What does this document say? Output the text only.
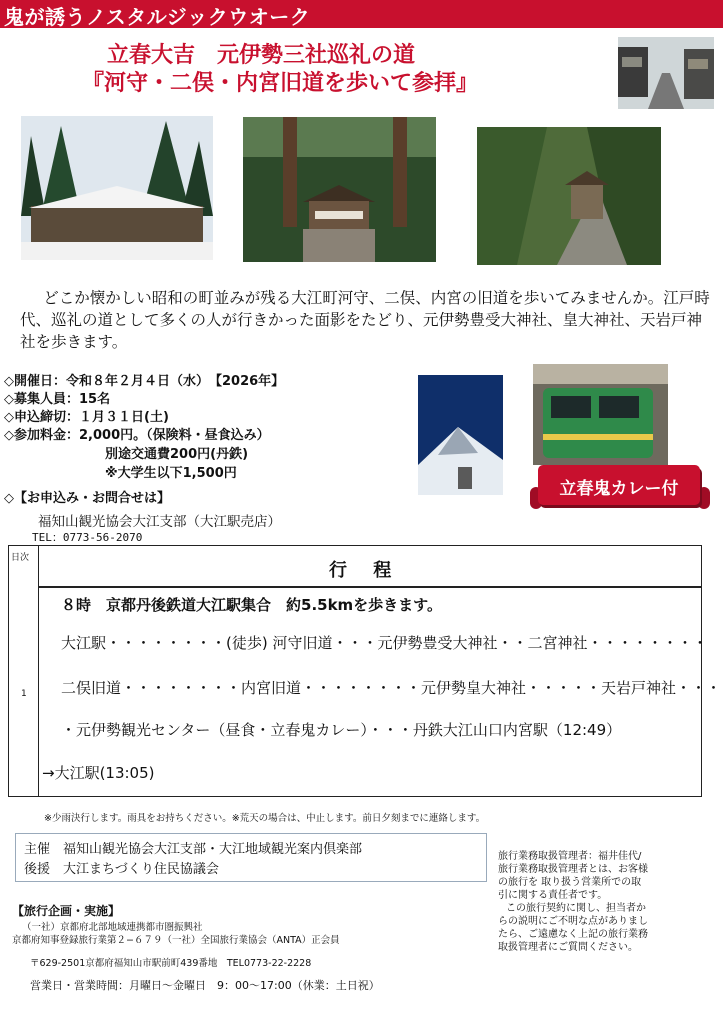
鬼が誘うノスタルジックウオーク
立春大吉　元伊勢三社巡礼の道
『河守・二俣・内宮旧道を歩いて参拝』
どこか懐かしい昭和の町並みが残る大江町河守、二俣、内宮の旧道を歩いてみませんか。江戸時代、巡礼の道として多くの人が行きかった面影をたどり、元伊勢豊受大神社、皇大神社、天岩戸神社を歩きます。
◇開催日：令和８年２月４日（水）　【2026年】
◇募集人員：15名
◇申込締切：１月３１日(土)
◇参加料金：2,000円。（保険料・昼食込み）
別途交通費200円(丹鉄)
※大学生以下1,500円
◇【お申込み・お問合せは】
福知山観光協会大江支部（大江駅売店）
TEL：0773-56-2070
立春鬼カレー付
日次
行 程
1
８時　京都丹後鉄道大江駅集合　約5.5kmを歩きます。
大江駅・・・・・・・・(徒歩) 河守旧道・・・元伊勢豊受大神社・・二宮神社・・・・・・・・
二俣旧道・・・・・・・・内宮旧道・・・・・・・・元伊勢皇大神社・・・・・天岩戸神社・・・
・元伊勢観光センター（昼食・立春鬼カレー）・・・丹鉄大江山口内宮駅（12:49）
→大江駅(13:05)
※少雨決行します。雨具をお持ちください。※荒天の場合は、中止します。前日夕刻までに連絡します。
主催　福知山観光協会大江支部・大江地域観光案内倶楽部
後援　大江まちづくり住民協議会

旅行業務取扱管理者：福井佳代/旅行業務取扱管理者とは、お客様の旅行を 取り扱う営業所での取引に関する責任者です。

この旅行契約に関し、担当者からの説明にご不明な点がありましたら、ご遠慮なく上記の旅行業務取扱管理者にご質問ください。

【旅行企画・実施】
（一社）京都府北部地域連携都市圏振興社
京都府知事登録旅行業第２−６７９（一社）全国旅行業協会（ANTA）正会員
〒629-2501京都府福知山市駅前町439番地　TEL0773-22-2228
営業日・営業時間：月曜日〜金曜日　9：00〜17:00（休業：土日祝）
